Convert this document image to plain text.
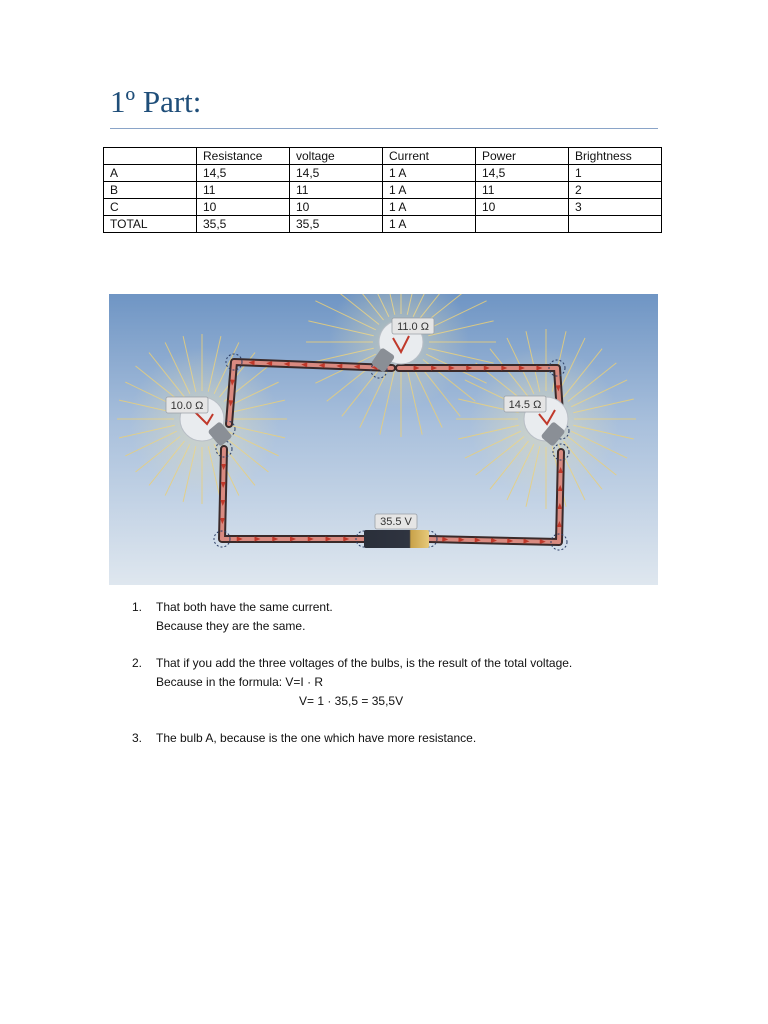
1º Part:
	Resistance	voltage	Current	Power	Brightness
A	14,5	14,5	1 A	14,5	1
B	11	11	1 A	11	2
C	10	10	1 A	10	3
TOTAL	35,5	35,5	1 A		
11.0 Ω
10.0 Ω	14.5 Ω
35.5 V
1. That both have the same current.
Because they are the same.
2. That if you add the three voltages of the bulbs, is the result of the total voltage.
Because in the formula: V=I · R
V= 1 · 35,5 = 35,5V
3. The bulb A, because is the one which have more resistance.
